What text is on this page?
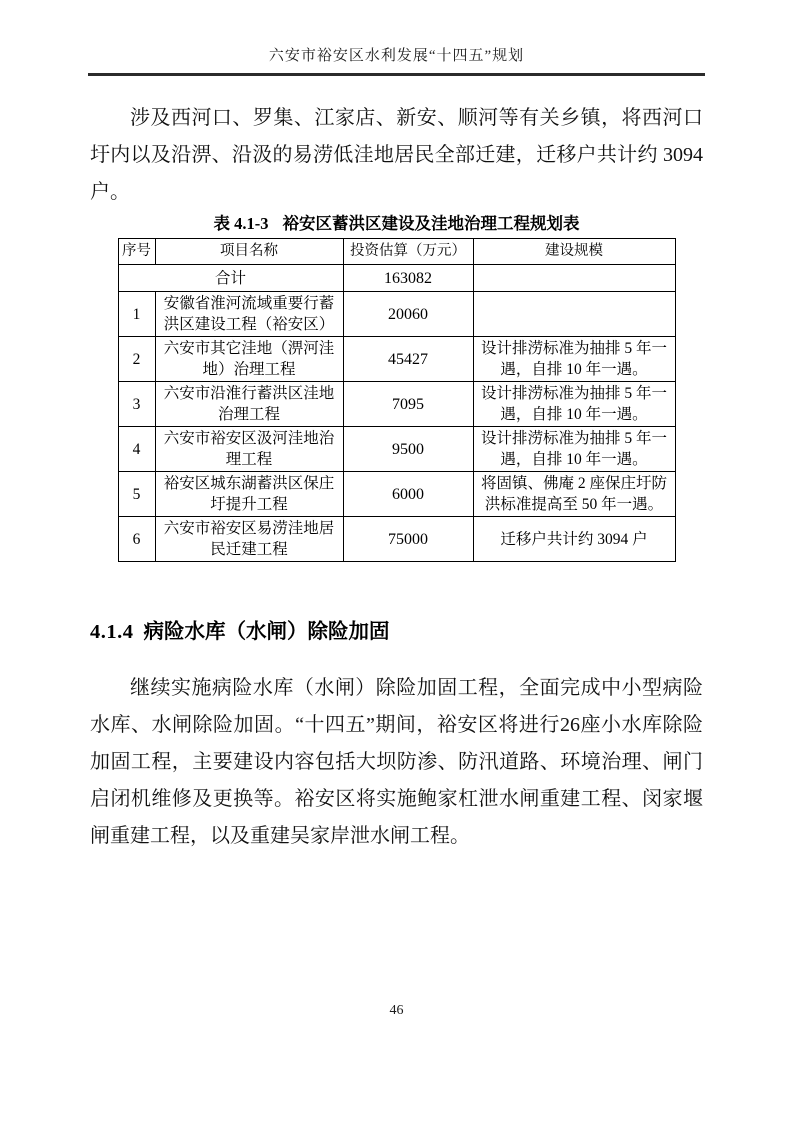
六安市裕安区水利发展“十四五”规划

涉及西河口、罗集、江家店、新安、顺河等有关乡镇，将西河口圩内以及沿淠、沿汲的易涝低洼地居民全部迁建，迁移户共计约 3094 户。

表 4.1-3 裕安区蓄洪区建设及洼地治理工程规划表
序号	项目名称	投资估算（万元）	建设规模
合计		163082	
1	安徽省淮河流域重要行蓄洪区建设工程（裕安区）	20060	
2	六安市其它洼地（淠河洼地）治理工程	45427	设计排涝标准为抽排 5 年一遇，自排 10 年一遇。
3	六安市沿淮行蓄洪区洼地治理工程	7095	设计排涝标准为抽排 5 年一遇，自排 10 年一遇。
4	六安市裕安区汲河洼地治理工程	9500	设计排涝标准为抽排 5 年一遇，自排 10 年一遇。
5	裕安区城东湖蓄洪区保庄圩提升工程	6000	将固镇、佛庵 2 座保庄圩防洪标准提高至 50 年一遇。
6	六安市裕安区易涝洼地居民迁建工程	75000	迁移户共计约 3094 户
4.1.4 病险水库（水闸）除险加固

继续实施病险水库（水闸）除险加固工程，全面完成中小型病险水库、水闸除险加固。“十四五”期间，裕安区将进行26座小水库除险加固工程，主要建设内容包括大坝防渗、防汛道路、环境治理、闸门启闭机维修及更换等。裕安区将实施鲍家杠泄水闸重建工程、闵家堰闸重建工程，以及重建吴家岸泄水闸工程。

46
